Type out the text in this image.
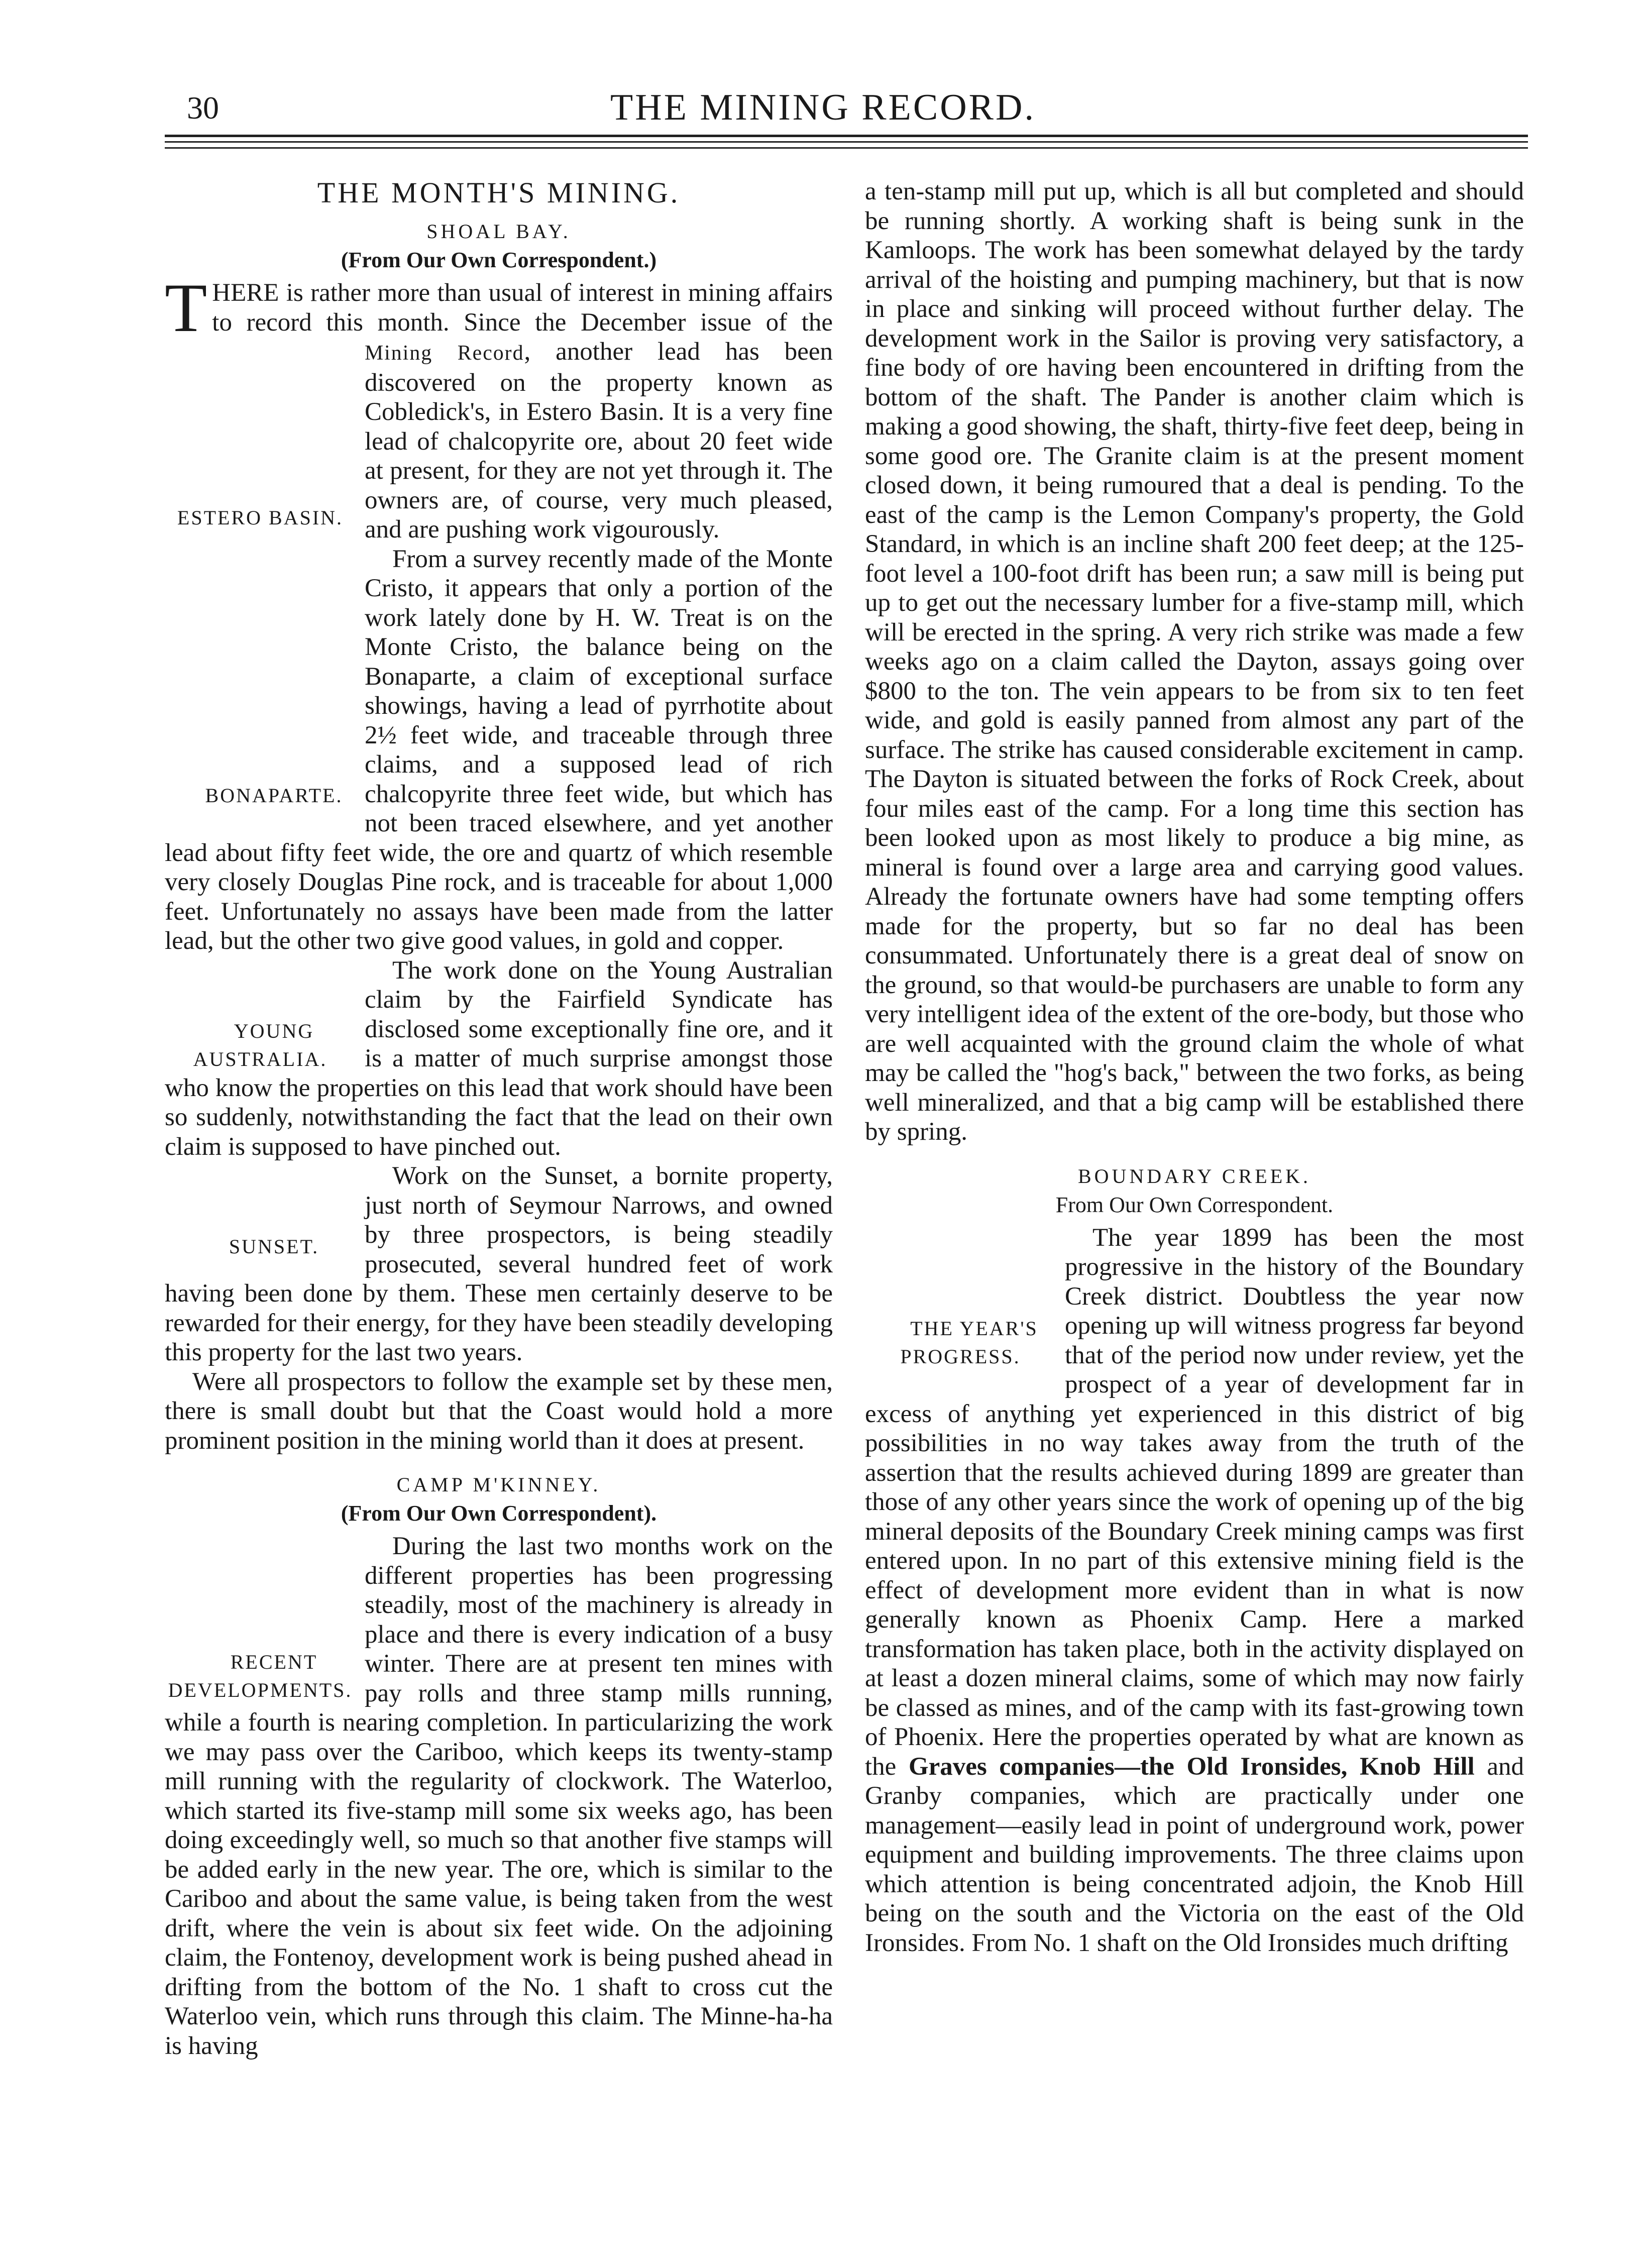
30	THE MINING RECORD.
THE MONTH'S MINING.
SHOAL BAY.
(From Our Own Correspondent.)

THERE is rather more than usual of interest in mining affairs to record this month. Since the December issue of the Mining Record
ESTERO BASIN.
, another lead has been discovered on the property known as Cobledick's, in Estero Basin. It is a very fine lead of chalcopyrite ore, about 20 feet wide at present, for they are not yet through it. The owners are, of course, very much pleased, and are pushing work vigourously.

BONAPARTE.
From a survey recently made of the Monte Cristo, it appears that only a portion of the work lately done by H. W. Treat is on the Monte Cristo, the balance being on the Bonaparte, a claim of exceptional surface showings, having a lead of pyrrhotite about 2½ feet wide, and traceable through three claims, and a supposed lead of rich chalcopyrite three feet wide, but which has not been traced elsewhere, and yet another lead about fifty feet wide, the ore and quartz of which resemble very closely Douglas Pine rock, and is traceable for about 1,000 feet. Unfortunately no assays have been made from the latter lead, but the other two give good values, in gold and copper.

YOUNG AUSTRALIA.
The work done on the Young Australian claim by the Fairfield Syndicate has disclosed some exceptionally fine ore, and it is a matter of much surprise amongst those who know the properties on this lead that work should have been so suddenly, notwithstanding the fact that the lead on their own claim is supposed to have pinched out.

SUNSET.
Work on the Sunset, a bornite property, just north of Seymour Narrows, and owned by three prospectors, is being steadily prosecuted, several hundred feet of work having been done by them. These men certainly deserve to be rewarded for their energy, for they have been steadily developing this property for the last two years.

Were all prospectors to follow the example set by these men, there is small doubt but that the Coast would hold a more prominent position in the mining world than it does at present.

CAMP M'KINNEY.
(From Our Own Correspondent).

RECENT DEVELOPMENTS.
During the last two months work on the different properties has been progressing steadily, most of the machinery is already in place and there is every indication of a busy winter. There are at present ten mines with pay rolls and three stamp mills running, while a fourth is nearing completion. In particularizing the work we may pass over the Cariboo, which keeps its twenty-stamp mill running with the regularity of clockwork. The Waterloo, which started its five-stamp mill some six weeks ago, has been doing exceedingly well, so much so that another five stamps will be added early in the new year. The ore, which is similar to the Cariboo and about the same value, is being taken from the west drift, where the vein is about six feet wide. On the adjoining claim, the Fontenoy, development work is being pushed ahead in drifting from the bottom of the No. 1 shaft to cross cut the Waterloo vein, which runs through this claim. The Minne-ha-ha is having

a ten-stamp mill put up, which is all but completed and should be running shortly. A working shaft is being sunk in the Kamloops. The work has been somewhat delayed by the tardy arrival of the hoisting and pumping machinery, but that is now in place and sinking will proceed without further delay. The development work in the Sailor is proving very satisfactory, a fine body of ore having been encountered in drifting from the bottom of the shaft. The Pander is another claim which is making a good showing, the shaft, thirty-five feet deep, being in some good ore. The Granite claim is at the present moment closed down, it being rumoured that a deal is pending. To the east of the camp is the Lemon Company's property, the Gold Standard, in which is an incline shaft 200 feet deep; at the 125-foot level a 100-foot drift has been run; a saw mill is being put up to get out the necessary lumber for a five-stamp mill, which will be erected in the spring. A very rich strike was made a few weeks ago on a claim called the Dayton, assays going over $800 to the ton. The vein appears to be from six to ten feet wide, and gold is easily panned from almost any part of the surface. The strike has caused considerable excitement in camp. The Dayton is situated between the forks of Rock Creek, about four miles east of the camp. For a long time this section has been looked upon as most likely to produce a big mine, as mineral is found over a large area and carrying good values. Already the fortunate owners have had some tempting offers made for the property, but so far no deal has been consummated. Unfortunately there is a great deal of snow on the ground, so that would-be purchasers are unable to form any very intelligent idea of the extent of the ore-body, but those who are well acquainted with the ground claim the whole of what may be called the "hog's back," between the two forks, as being well mineralized, and that a big camp will be established there by spring.

BOUNDARY CREEK.
From Our Own Correspondent.

THE YEAR'S PROGRESS.
The year 1899 has been the most progressive in the history of the Boundary Creek district. Doubtless the year now opening up will witness progress far beyond that of the period now under review, yet the prospect of a year of development far in excess of anything yet experienced in this district of big possibilities in no way takes away from the truth of the assertion that the results achieved during 1899 are greater than those of any other years since the work of opening up of the big mineral deposits of the Boundary Creek mining camps was first entered upon. In no part of this extensive mining field is the effect of development more evident than in what is now generally known as Phoenix Camp. Here a marked transformation has taken place, both in the activity displayed on at least a dozen mineral claims, some of which may now fairly be classed as mines, and of the camp with its fast-growing town of Phoenix. Here the properties operated by what are known as the Graves companies—the Old Ironsides, Knob Hill and Granby companies, which are practically under one management—easily lead in point of underground work, power equipment and building improvements. The three claims upon which attention is being concentrated adjoin, the Knob Hill being on the south and the Victoria on the east of the Old Ironsides. From No. 1 shaft on the Old Ironsides much drifting
